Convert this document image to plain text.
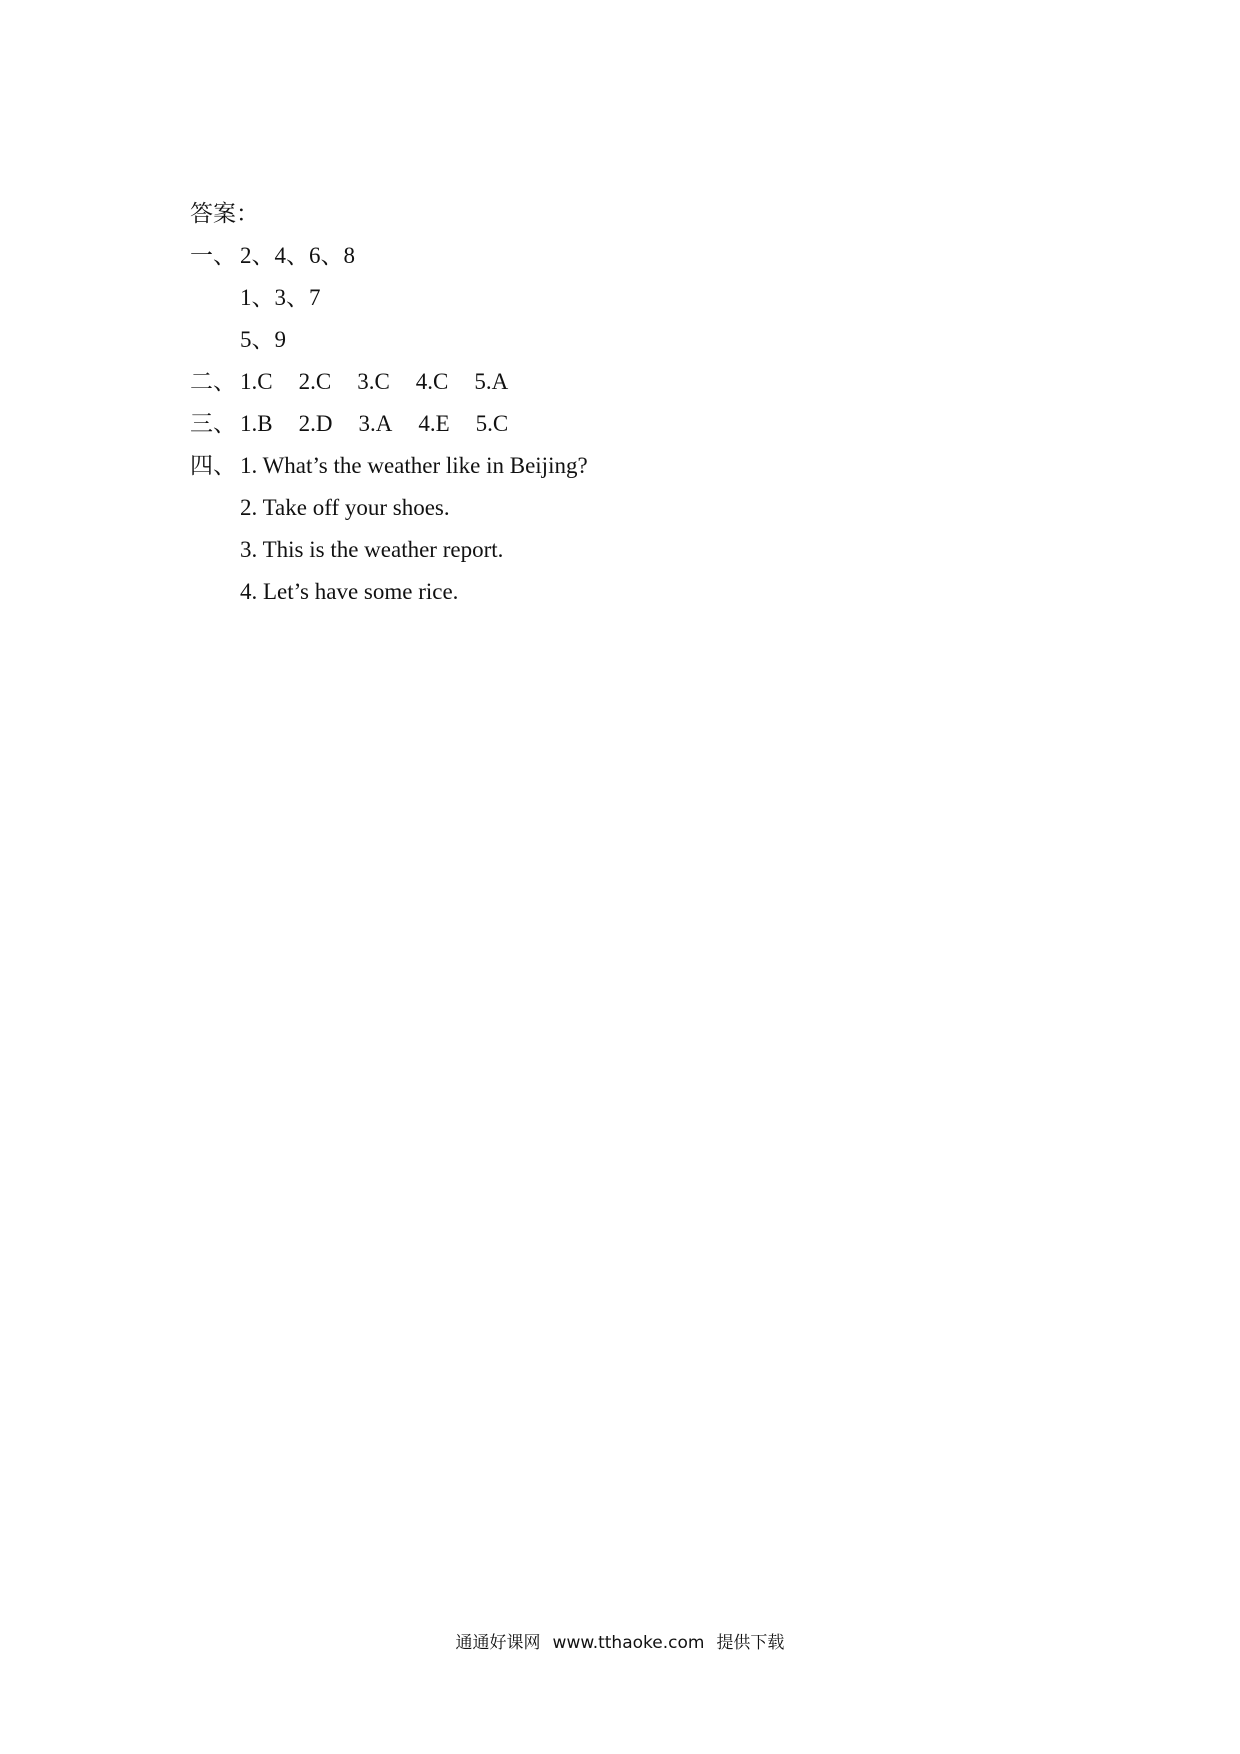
答案：
一、 2、4、6、8
1、3、7
5、9
二、 1.C 2.C 3.C 4.C 5.A
三、 1.B 2.D 3.A 4.E 5.C
四、 1. What’s the weather like in Beijing?
2. Take off your shoes.
3. This is the weather report.
4. Let’s have some rice.
通通好课网 www.tthaoke.com 提供下载
